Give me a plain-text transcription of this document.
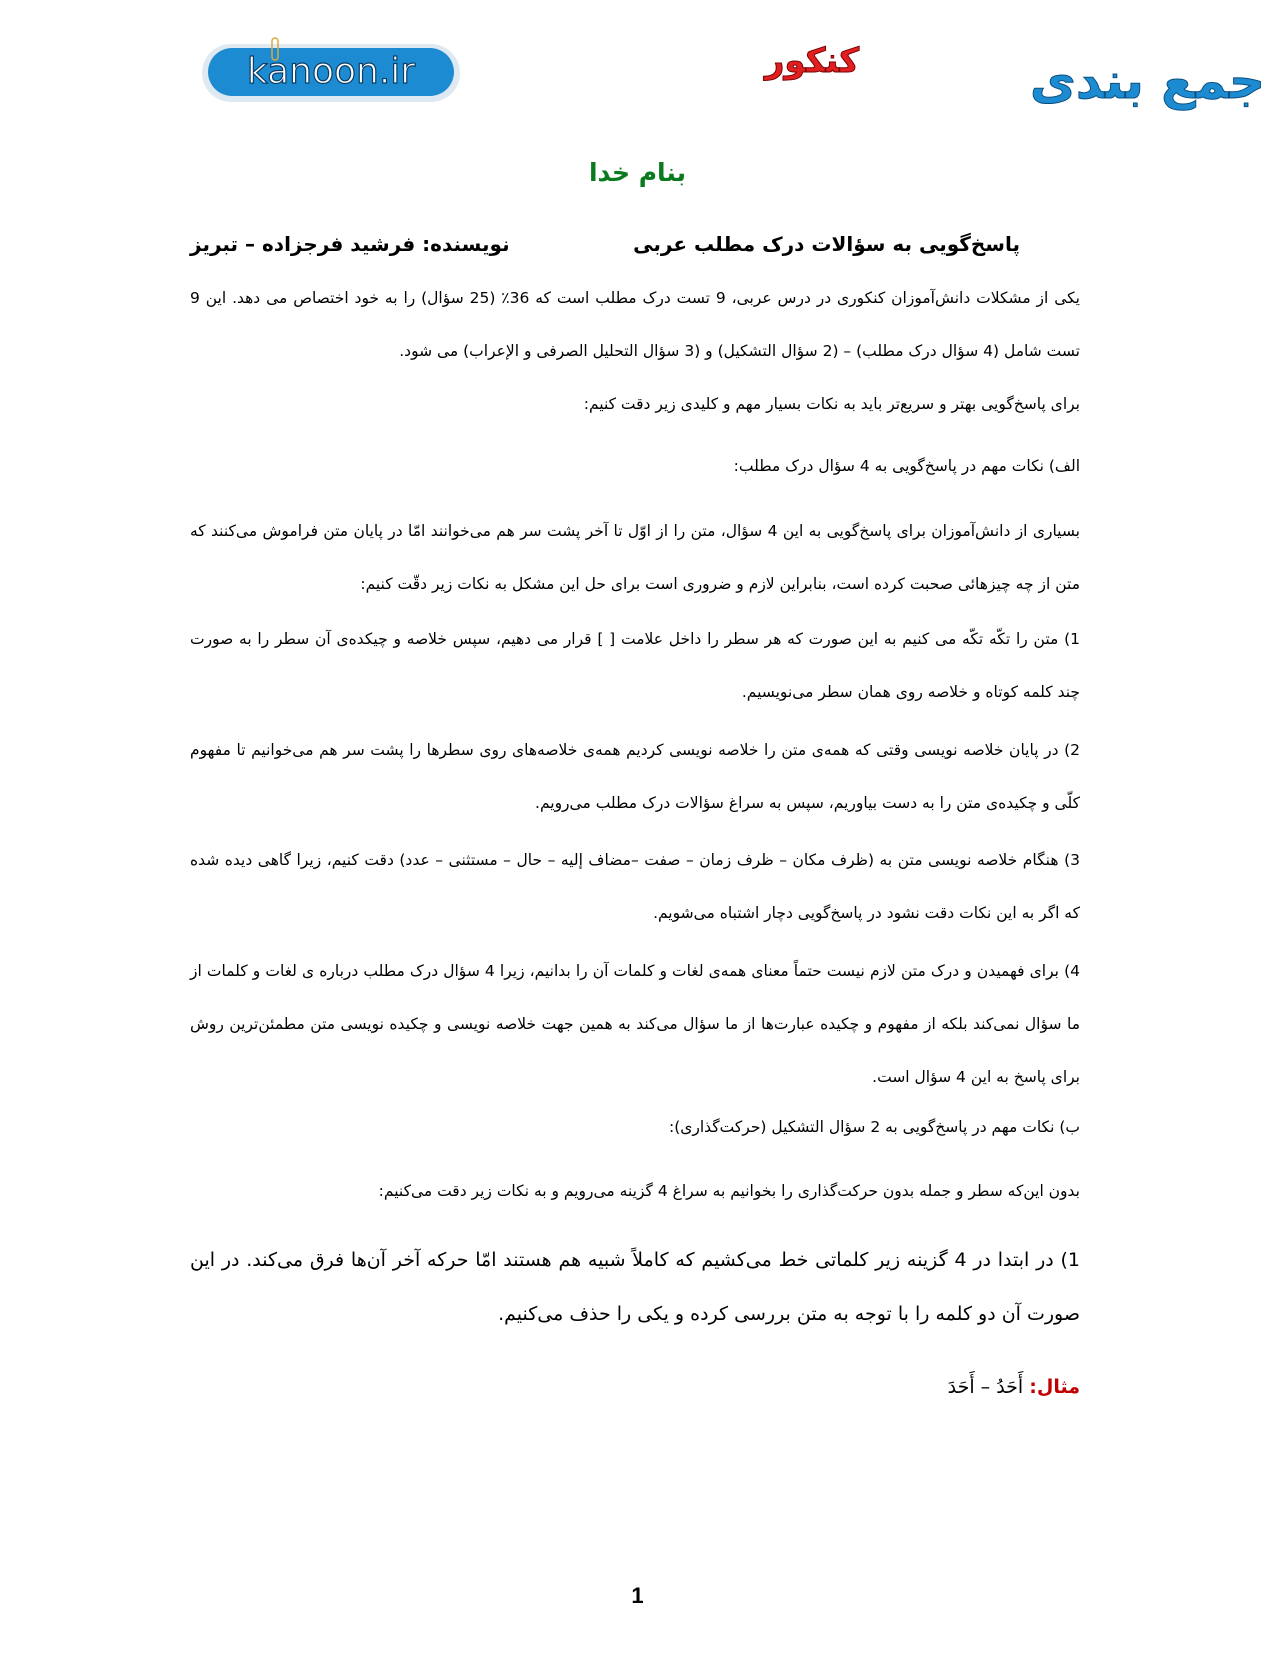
kanoon.ir	جمع بندی
کنکور
بنام خدا
پاسخ‌گویی به سؤالات درک مطلب عربی
نویسنده: فرشید فرجزاده – تبریز
یکی از مشکلات دانش‌آموزان کنکوری در درس عربی، 9 تست درک مطلب است که 36٪ (25 سؤال) را به خود اختصاص می دهد. این 9 تست شامل (4 سؤال درک مطلب) – (2 سؤال التشکیل) و (3 سؤال التحلیل الصرفی و الإعراب) می شود.
برای پاسخ‌گویی بهتر و سریع‌تر باید به نکات بسیار مهم و کلیدی زیر دقت کنیم:
الف) نکات مهم در پاسخ‌گویی به 4 سؤال درک مطلب:
بسیاری از دانش‌آموزان برای پاسخ‌گویی به این 4 سؤال، متن را از اوّل تا آخر پشت سر هم می‌خوانند امّا در پایان متن فراموش می‌کنند که متن از چه چیزهائی صحبت کرده است، بنابراین لازم و ضروری است برای حل این مشکل به نکات زیر دقّت کنیم:
1) متن را تکّه تکّه می کنیم به این صورت که هر سطر را داخل علامت [ ] قرار می دهیم، سپس خلاصه و چیکده‌ی آن سطر را به صورت چند کلمه کوتاه و خلاصه روی همان سطر می‌نویسیم.
2) در پایان خلاصه نویسی وقتی که همه‌ی متن را خلاصه نویسی کردیم همه‌ی خلاصه‌های روی سطرها را پشت سر هم می‌خوانیم تا مفهوم کلّی و چکیده‌ی متن را به دست بیاوریم، سپس به سراغ سؤالات درک مطلب می‌رویم.
3) هنگام خلاصه نویسی متن به (ظرف مکان – ظرف زمان – صفت –مضاف إلیه – حال – مستثنی – عدد) دقت کنیم، زیرا گاهی دیده شده که اگر به این نکات دقت نشود در پاسخ‌گویی دچار اشتباه می‌شویم.
4) برای فهمیدن و درک متن لازم نیست حتماً معنای همه‌ی لغات و کلمات آن را بدانیم، زیرا 4 سؤال درک مطلب درباره ی لغات و کلمات از ما سؤال نمی‌کند بلکه از مفهوم و چکیده عبارت‌ها از ما سؤال می‌کند به همین جهت خلاصه نویسی و چکیده نویسی متن مطمئن‌ترین روش برای پاسخ به این 4 سؤال است.
ب) نکات مهم در پاسخ‌گویی به 2 سؤال التشکیل (حرکت‌گذاری):
بدون این‌که سطر و جمله بدون حرکت‌گذاری را بخوانیم به سراغ 4 گزینه می‌رویم و به نکات زیر دقت می‌کنیم:
1) در ابتدا در 4 گزینه زیر کلماتی خط می‌کشیم که کاملاً شبیه هم هستند امّا حرکه آخر آن‌ها فرق می‌کند. در این صورت آن دو کلمه را با توجه به متن بررسی کرده و یکی را حذف می‌کنیم.
مثال: أَحَدُ – أَحَدَ
1
